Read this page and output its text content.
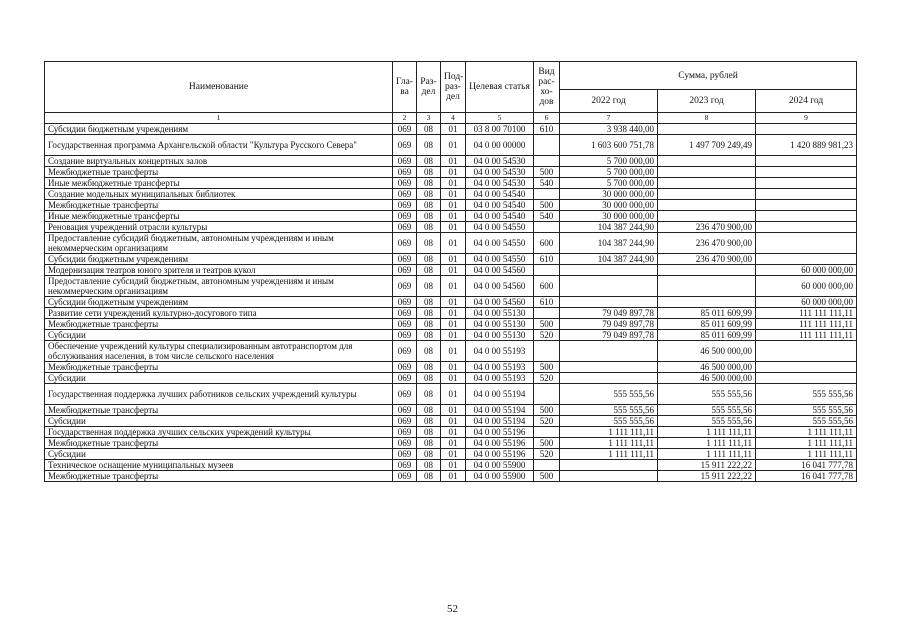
Наименование	Гла-ва	Раз-дел	Под-раз-дел	Целевая статья	Вид рас-хо-дов	Сумма, рублей		
						2022 год	2023 год	2024 год
1	2	3	4	5	6	7	8	9
Субсидии бюджетным учреждениям	069	08	01	03 8 00 70100	610	3 938 440,00		
Государственная программа Архангельской области "Культура Русского Севера"	069	08	01	04 0 00 00000		1 603 600 751,78	1 497 709 249,49	1 420 889 981,23
Создание виртуальных концертных залов	069	08	01	04 0 00 54530		5 700 000,00		
Межбюджетные трансферты	069	08	01	04 0 00 54530	500	5 700 000,00		
Иные межбюджетные трансферты	069	08	01	04 0 00 54530	540	5 700 000,00		
Создание модельных муниципальных библиотек	069	08	01	04 0 00 54540		30 000 000,00		
Межбюджетные трансферты	069	08	01	04 0 00 54540	500	30 000 000,00		
Иные межбюджетные трансферты	069	08	01	04 0 00 54540	540	30 000 000,00		
Реновация учреждений отрасли культуры	069	08	01	04 0 00 54550		104 387 244,90	236 470 900,00	
Предоставление субсидий бюджетным, автономным учреждениям и иным некоммерческим организациям	069	08	01	04 0 00 54550	600	104 387 244,90	236 470 900,00	
Субсидии бюджетным учреждениям	069	08	01	04 0 00 54550	610	104 387 244,90	236 470 900,00	
Модернизация театров юного зрителя и театров кукол	069	08	01	04 0 00 54560				60 000 000,00
Предоставление субсидий бюджетным, автономным учреждениям и иным некоммерческим организациям	069	08	01	04 0 00 54560	600			60 000 000,00
Субсидии бюджетным учреждениям	069	08	01	04 0 00 54560	610			60 000 000,00
Развитие сети учреждений культурно-досугового типа	069	08	01	04 0 00 55130		79 049 897,78	85 011 609,99	111 111 111,11
Межбюджетные трансферты	069	08	01	04 0 00 55130	500	79 049 897,78	85 011 609,99	111 111 111,11
Субсидии	069	08	01	04 0 00 55130	520	79 049 897,78	85 011 609,99	111 111 111,11
Обеспечение учреждений культуры специализированным автотранспортом для обслуживания населения, в том числе сельского населения	069	08	01	04 0 00 55193			46 500 000,00	
Межбюджетные трансферты	069	08	01	04 0 00 55193	500		46 500 000,00	
Субсидии	069	08	01	04 0 00 55193	520		46 500 000,00	
Государственная поддержка лучших работников сельских учреждений культуры	069	08	01	04 0 00 55194		555 555,56	555 555,56	555 555,56
Межбюджетные трансферты	069	08	01	04 0 00 55194	500	555 555,56	555 555,56	555 555,56
Субсидии	069	08	01	04 0 00 55194	520	555 555,56	555 555,56	555 555,56
Государственная поддержка лучших сельских учреждений культуры	069	08	01	04 0 00 55196		1 111 111,11	1 111 111,11	1 111 111,11
Межбюджетные трансферты	069	08	01	04 0 00 55196	500	1 111 111,11	1 111 111,11	1 111 111,11
Субсидии	069	08	01	04 0 00 55196	520	1 111 111,11	1 111 111,11	1 111 111,11
Техническое оснащение муниципальных музеев	069	08	01	04 0 00 55900			15 911 222,22	16 041 777,78
Межбюджетные трансферты	069	08	01	04 0 00 55900	500		15 911 222,22	16 041 777,78
52
